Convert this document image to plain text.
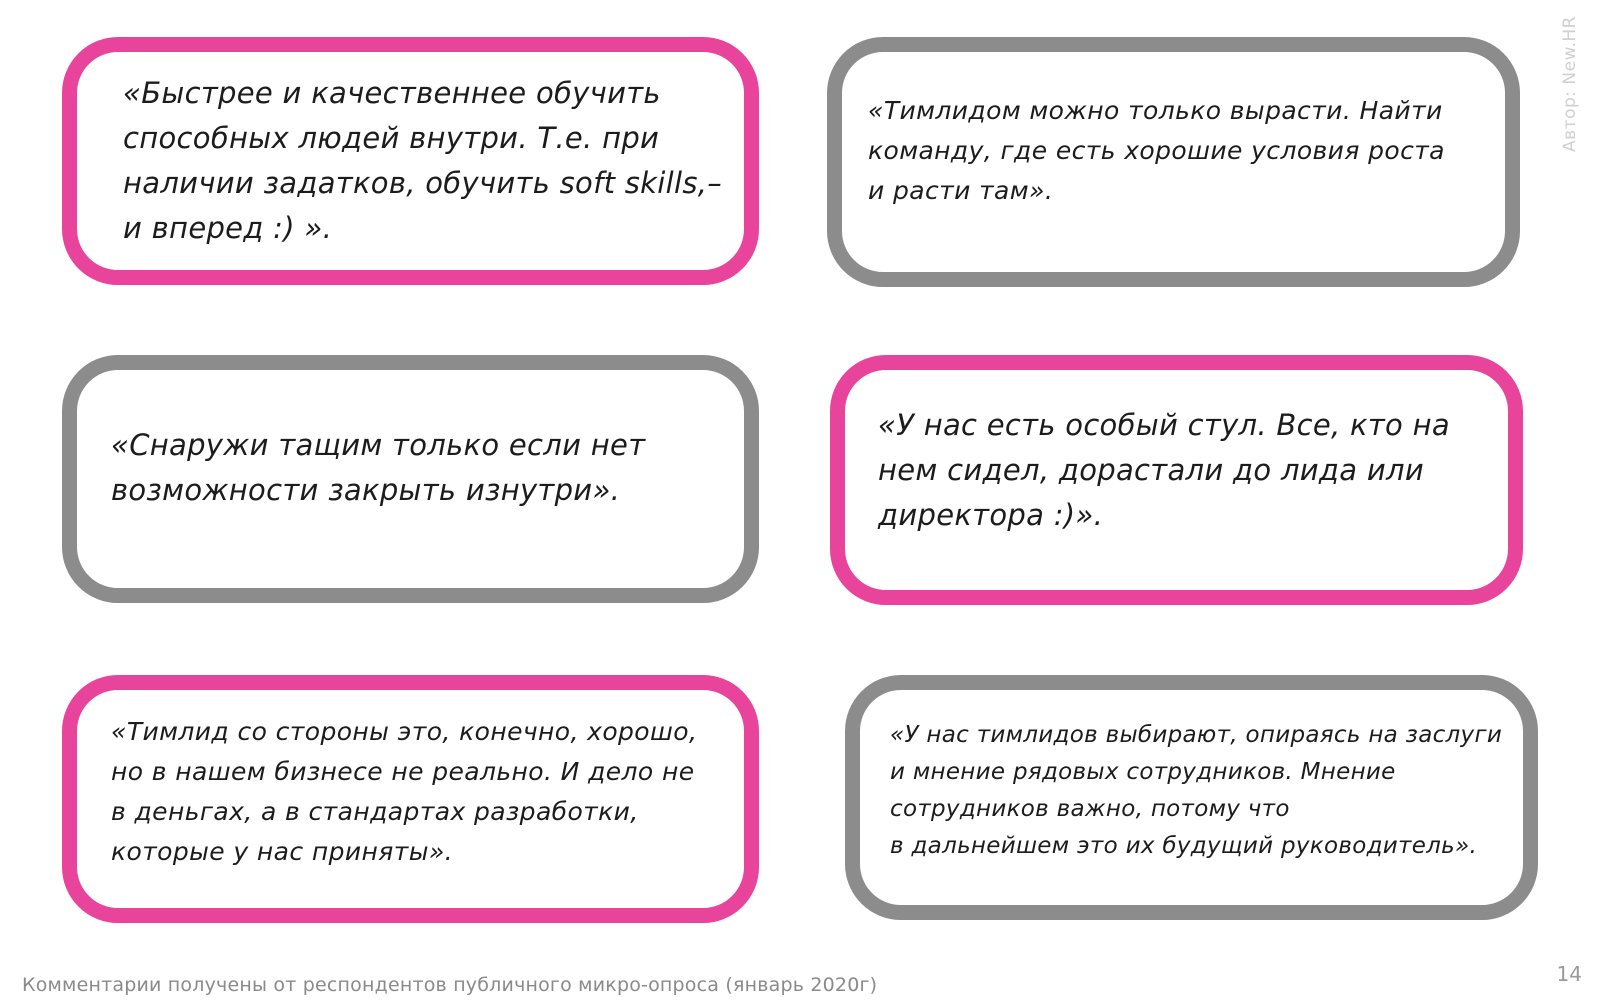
«Быстрее и качественнее обучить
способных людей внутри. Т.е. при
наличии задатков, обучить soft skills,–
и вперед :) ».

«Тимлидом можно только вырасти. Найти
команду, где есть хорошие условия роста
и расти там».

«Снаружи тащим только если нет
возможности закрыть изнутри».

«У нас есть особый стул. Все, кто на
нем сидел, дорастали до лида или
директора :)».

«Тимлид со стороны это, конечно, хорошо,
но в нашем бизнесе не реально. И дело не
в деньгах, а в стандартах разработки,
которые у нас приняты».

«У нас тимлидов выбирают, опираясь на заслуги
и мнение рядовых сотрудников. Мнение
сотрудников важно, потому что
в дальнейшем это их будущий руководитель».

Комментарии получены от респондентов публичного микро-опроса (январь 2020г)	14
Автор: New.HR
